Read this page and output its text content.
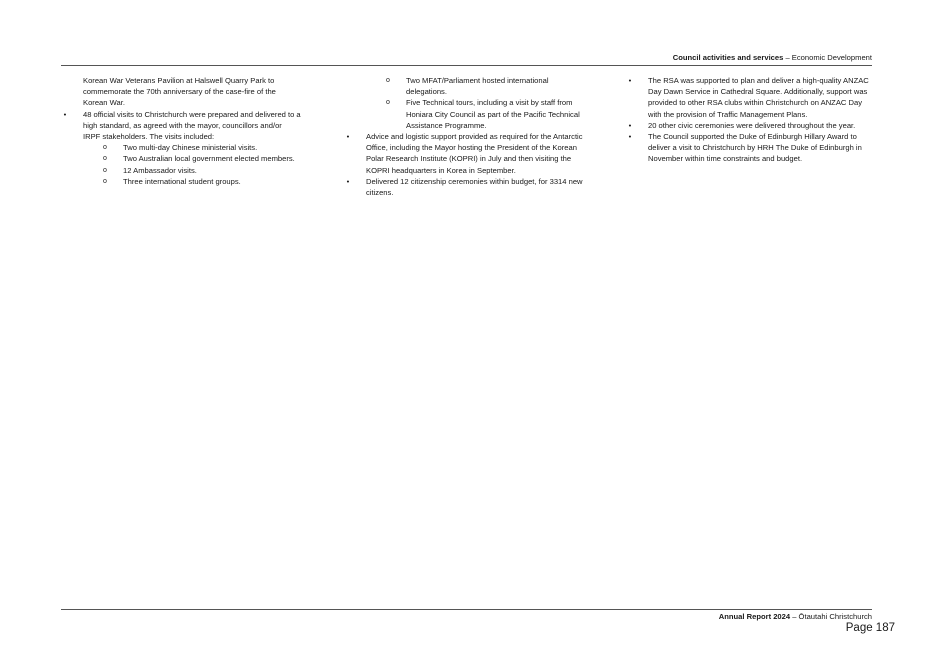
Council activities and services – Economic Development
Korean War Veterans Pavilion at Halswell Quarry Park to commemorate the 70th anniversary of the case-fire of the Korean War.
•	48 official visits to Christchurch were prepared and delivered to a high standard, as agreed with the mayor, councillors and/or IRPF stakeholders. The visits included:
o Two multi-day Chinese ministerial visits.
o Two Australian local government elected members.
o 12 Ambassador visits.
o Three international student groups.
o Two MFAT/Parliament hosted international delegations.
o Five Technical tours, including a visit by staff from Honiara City Council as part of the Pacific Technical Assistance Programme.
•	Advice and logistic support provided as required for the Antarctic Office, including the Mayor hosting the President of the Korean Polar Research Institute (KOPRI) in July and then visiting the KOPRI headquarters in Korea in September.
•	Delivered 12 citizenship ceremonies within budget, for 3314 new citizens.
•	The RSA was supported to plan and deliver a high-quality ANZAC Day Dawn Service in Cathedral Square. Additionally, support was provided to other RSA clubs within Christchurch on ANZAC Day with the provision of Traffic Management Plans.
•	20 other civic ceremonies were delivered throughout the year.
•	The Council supported the Duke of Edinburgh Hillary Award to deliver a visit to Christchurch by HRH The Duke of Edinburgh in November within time constraints and budget.
Annual Report 2024 – Ōtautahi Christchurch
Page 187
